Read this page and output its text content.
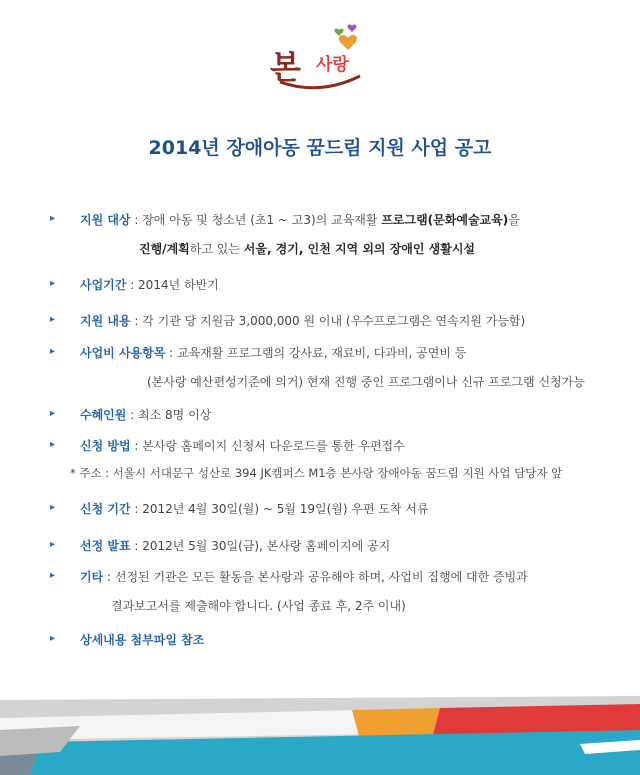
본 사랑
2014년 장애아동 꿈드림 지원 사업 공고
▸ 지원 대상 : 장애 아동 및 청소년 (초1 ~ 고3)의 교육재활 프로그램(문화예술교육)을
진행/계획하고 있는 서울, 경기, 인천 지역 외의 장애인 생활시설
▸ 사업기간 : 2014년 하반기
▸ 지원 내용 : 각 기관 당 지원금 3,000,000 원 이내 (우수프로그램은 연속지원 가능함)
▸ 사업비 사용항목 : 교육재활 프로그램의 강사료, 재료비, 다과비, 공연비 등
(본사랑 예산편성기준에 의거) 현재 진행 중인 프로그램이나 신규 프로그램 신청가능
▸ 수혜인원 : 최소 8명 이상
▸ 신청 방법 : 본사랑 홈페이지 신청서 다운로드를 통한 우편접수
* 주소 : 서울시 서대문구 성산로 394 JK캠퍼스 M1층 본사랑 장애아동 꿈드림 지원 사업 담당자 앞
▸ 신청 기간 : 2012년 4월 30일(월) ~ 5월 19일(월) 우편 도착 서류
▸ 선정 발표 : 2012년 5월 30일(금), 본사랑 홈페이지에 공지
▸ 기타 : 선정된 기관은 모든 활동을 본사랑과 공유해야 하며, 사업비 집행에 대한 증빙과
결과보고서를 제출해야 합니다. (사업 종료 후, 2주 이내)
▸ 상세내용 첨부파일 참조
